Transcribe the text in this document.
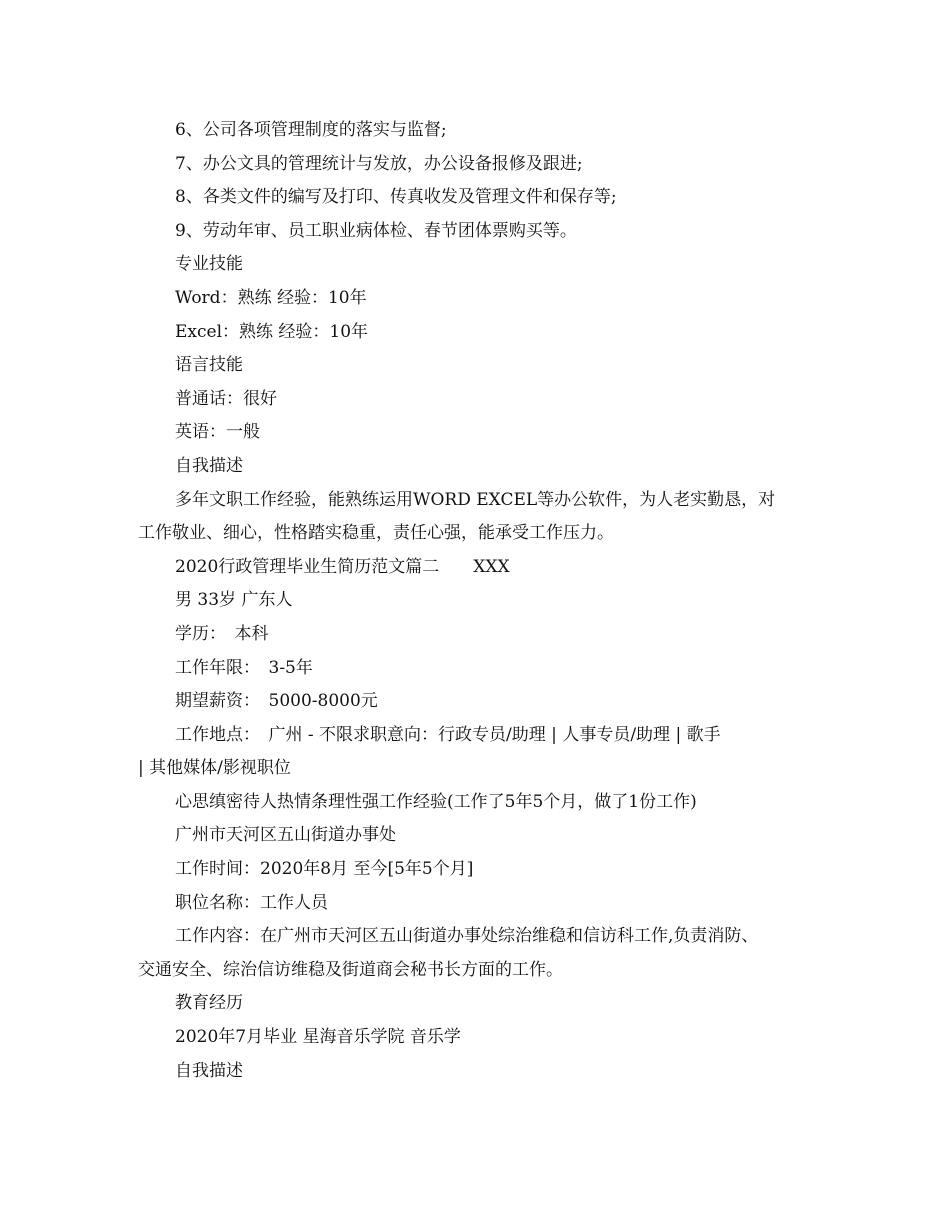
6、公司各项管理制度的落实与监督;

7、办公文具的管理统计与发放，办公设备报修及跟进;

8、各类文件的编写及打印、传真收发及管理文件和保存等;

9、劳动年审、员工职业病体检、春节团体票购买等。

专业技能

Word：熟练 经验：10年

Excel：熟练 经验：10年

语言技能

普通话：很好

英语：一般

自我描述

多年文职工作经验，能熟练运用WORD EXCEL等办公软件，为人老实勤恳，对

工作敬业、细心，性格踏实稳重，责任心强，能承受工作压力。

2020行政管理毕业生简历范文篇二　　XXX

男 33岁 广东人

学历：　本科

工作年限：　3-5年

期望薪资：　5000-8000元

工作地点：　广州 - 不限求职意向：行政专员/助理 | 人事专员/助理 | 歌手

| 其他媒体/影视职位

心思缜密待人热情条理性强工作经验(工作了5年5个月，做了1份工作)

广州市天河区五山街道办事处

工作时间：2020年8月 至今[5年5个月]

职位名称：工作人员

工作内容：在广州市天河区五山街道办事处综治维稳和信访科工作,负责消防、

交通安全、综治信访维稳及街道商会秘书长方面的工作。

教育经历

2020年7月毕业 星海音乐学院 音乐学

自我描述
